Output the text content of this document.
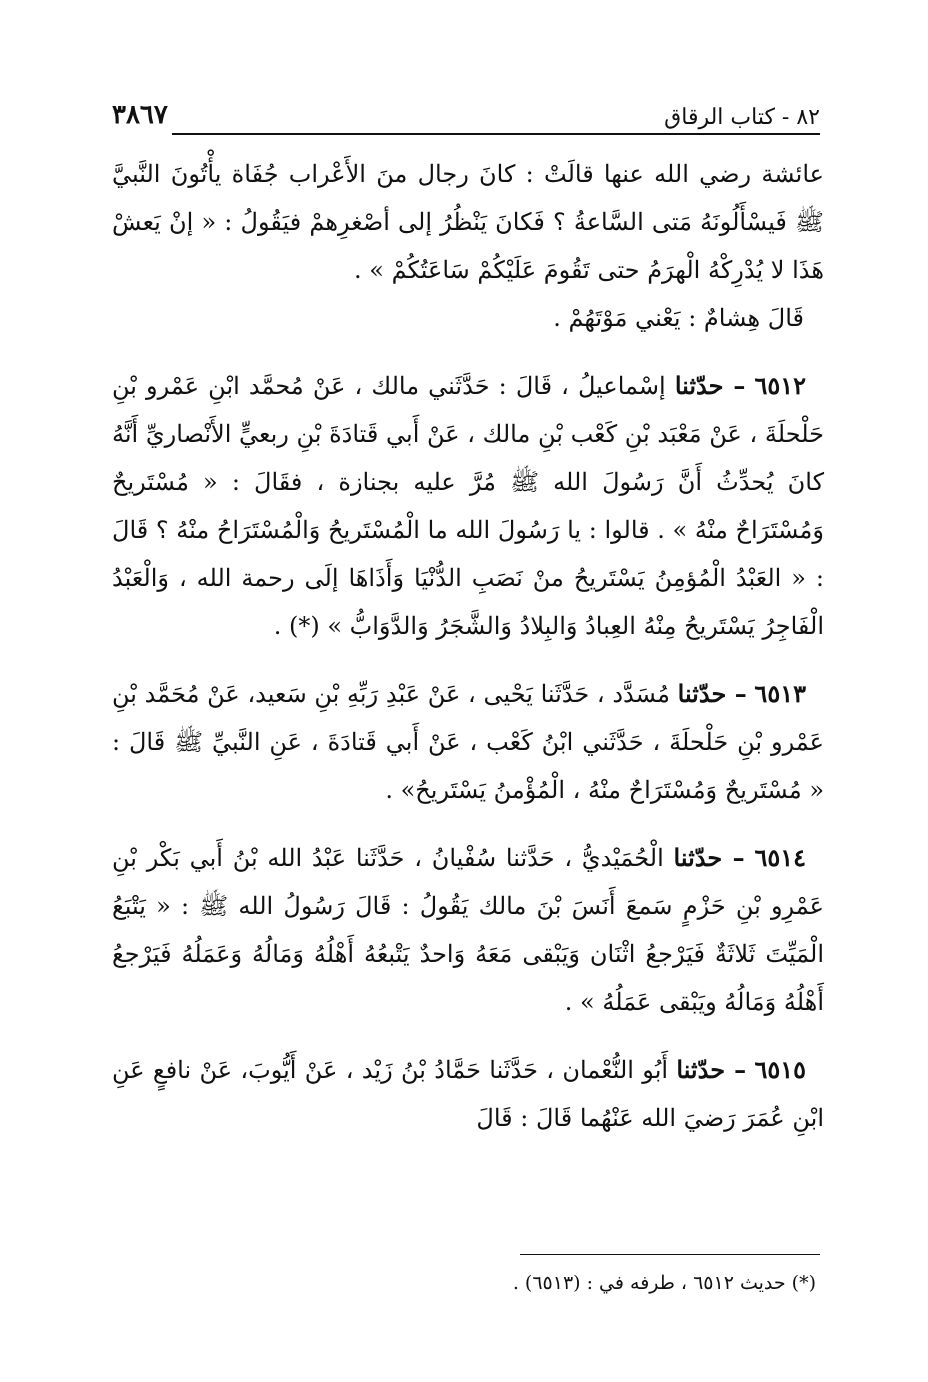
٨٢ - كتاب الرقاق
٣٨٦٧

عائشة رضي الله عنها قالَتْ : كانَ رجال منَ الأَعْراب جُفَاة يأْتُونَ النَّبيَّ ﷺ فَيسْأَلُونَهُ مَتى السَّاعةُ ؟ فَكانَ يَنْظُرُ إلى أصْغرِهمْ فيَقُولُ : « إنْ يَعشْ هَذَا لا يُدْرِكْهُ الْهرَمُ حتى تَقُومَ عَلَيْكُمْ سَاعَتُكُمْ » .

قَالَ هِشامٌ : يَعْني مَوْتَهُمْ .

٦٥١٢ – حدّثنا إسْماعيلُ ، قَالَ : حَدَّثَني مالك ، عَنْ مُحمَّد ابْنِ عَمْرو بْنِ حَلْحلَةَ ، عَنْ مَعْبَد بْنِ كَعْب بْنِ مالك ، عَنْ أَبي قَتادَةَ بْنِ ربعيٍّ الأَنْصاريِّ أَنَّهُ كانَ يُحدِّثُ أَنَّ رَسُولَ الله ﷺ مُرَّ عليه بجنازة ، فقَالَ : « مُسْتَريحٌ وَمُسْتَرَاحٌ منْهُ » . قالوا : يا رَسُولَ الله ما الْمُسْتَريحُ وَالْمُسْتَرَاحُ منْهُ ؟ قَالَ : « العَبْدُ الْمُؤمِنُ يَسْتَريحُ منْ نَصَبِ الدُّنْيَا وَأَذَاهَا إلَى رحمة الله ، وَالْعَبْدُ الْفَاجِرُ يَسْتَريحُ مِنْهُ العِبادُ وَالبِلادُ وَالشَّجَرُ وَالدَّوَابُّ » (*) .

٦٥١٣ – حدّثنا مُسَدَّد ، حَدَّثَنا يَحْيى ، عَنْ عَبْدِ رَبِّهِ بْنِ سَعيد، عَنْ مُحَمَّد بْنِ عَمْرو بْنِ حَلْحلَةَ ، حَدَّثَني ابْنُ كَعْب ، عَنْ أَبي قَتادَةَ ، عَنِ النَّبيِّ ﷺ قَالَ : « مُسْتَريحٌ وَمُسْتَرَاحٌ منْهُ ، الْمُؤْمنُ يَسْتَريحُ» .

٦٥١٤ – حدّثنا الْحُمَيْديُّ ، حَدَّثنا سُفْيانُ ، حَدَّثَنا عَبْدُ الله بْنُ أَبي بَكْر بْنِ عَمْرِو بْنِ حَزْمٍ سَمعَ أَنَسَ بْنَ مالك يَقُولُ : قَالَ رَسُولُ الله ﷺ : « يَتْبَعُ الْمَيِّتَ ثَلاثَةٌ فَيَرْجعُ اثْنَان وَيَبْقى مَعَهُ وَاحدٌ يَتْبعُهُ أَهْلُهُ وَمَالُهُ وَعَمَلُهُ فَيَرْجعُ أَهْلُهُ وَمَالُهُ ويَبْقى عَمَلُهُ » .

٦٥١٥ – حدّثنا أَبُو النُّعْمان ، حَدَّثَنا حَمَّادُ بْنُ زَيْد ، عَنْ أَيُّوبَ، عَنْ نافعٍ عَنِ ابْنِ عُمَرَ رَضيَ الله عَنْهُما قَالَ : قَالَ

(*) حديث ٦٥١٢ ، طرفه في : (٦٥١٣) .
